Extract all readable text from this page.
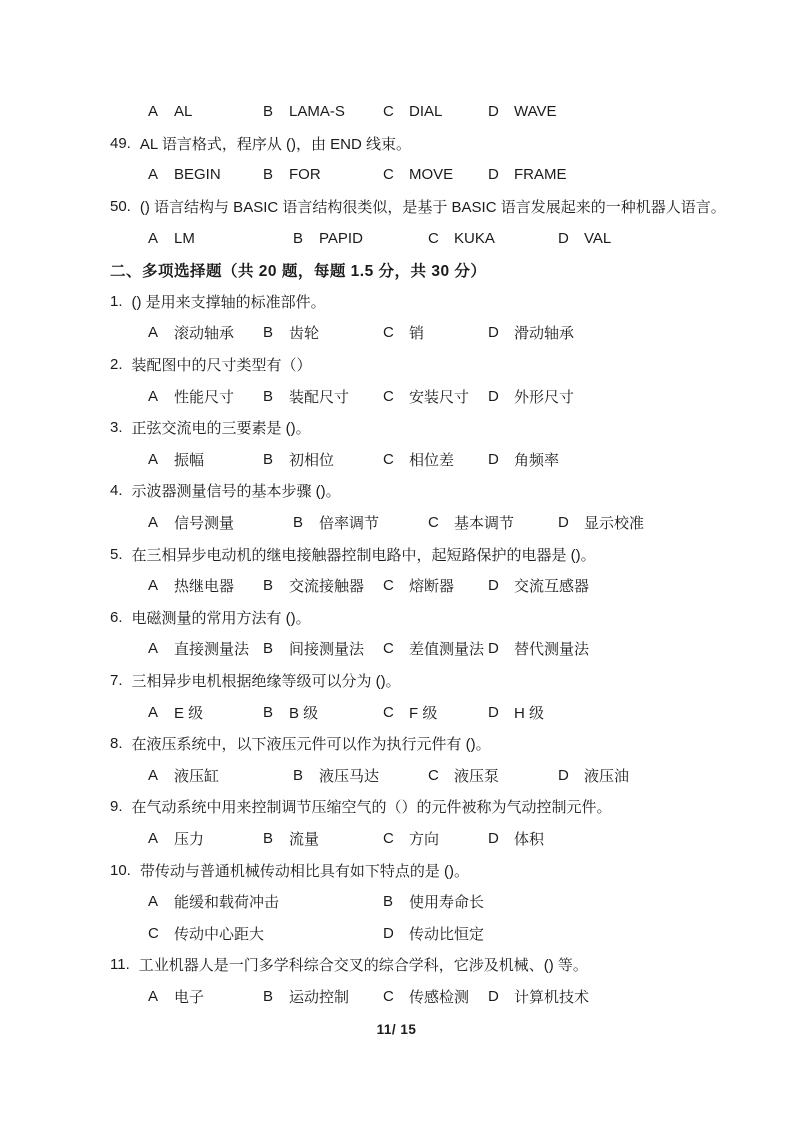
A	AL	B	LAMA-S	C	DIAL	D	WAVE
49. AL 语言格式，程序从 ()，由 END 线束。
A	BEGIN	B	FOR	C	MOVE D	FRAME
50. () 语言结构与 BASIC 语言结构很类似，是基于 BASIC 语言发展起来的一种机器人语言。
A	LM	B	PAPID	C	KUKA	D	VAL
二、多项选择题（共 20 题，每题 1.5 分，共 30 分）
1. () 是用来支撑轴的标准部件。
A	滚动轴承 B	齿轮	C	销	D	滑动轴承
2. 装配图中的尺寸类型有（）
A	性能尺寸 B	装配尺寸 C	安装尺寸 D	外形尺寸
3. 正弦交流电的三要素是 ()。
A	振幅	B	初相位	C	相位差 D	角频率
4. 示波器测量信号的基本步骤 ()。
A	信号测量	B	倍率调节	C	基本调节	D	显示校准
5. 在三相异步电动机的继电接触器控制电路中，起短路保护的电器是 ()。
A	热继电器 B	交流接触器 C	熔断器 D	交流互感器
6. 电磁测量的常用方法有 ()。
A	直接测量法 B	间接测量法 C	差值测量法 D	替代测量法
7. 三相异步电机根据绝缘等级可以分为 ()。
A	E 级	B	B 级	C	F 级	D	H 级
8. 在液压系统中，以下液压元件可以作为执行元件有 ()。
A	液压缸	B	液压马达	C	液压泵	D	液压油
9. 在气动系统中用来控制调节压缩空气的（）的元件被称为气动控制元件。
A	压力	B	流量	C	方向	D	体积
10. 带传动与普通机械传动相比具有如下特点的是 ()。
A	能缓和载荷冲击	B	使用寿命长
C	传动中心距大	D	传动比恒定
11. 工业机器人是一门多学科综合交叉的综合学科，它涉及机械、() 等。
A	电子	B	运动控制 C	传感检测 D	计算机技术
11/ 15
